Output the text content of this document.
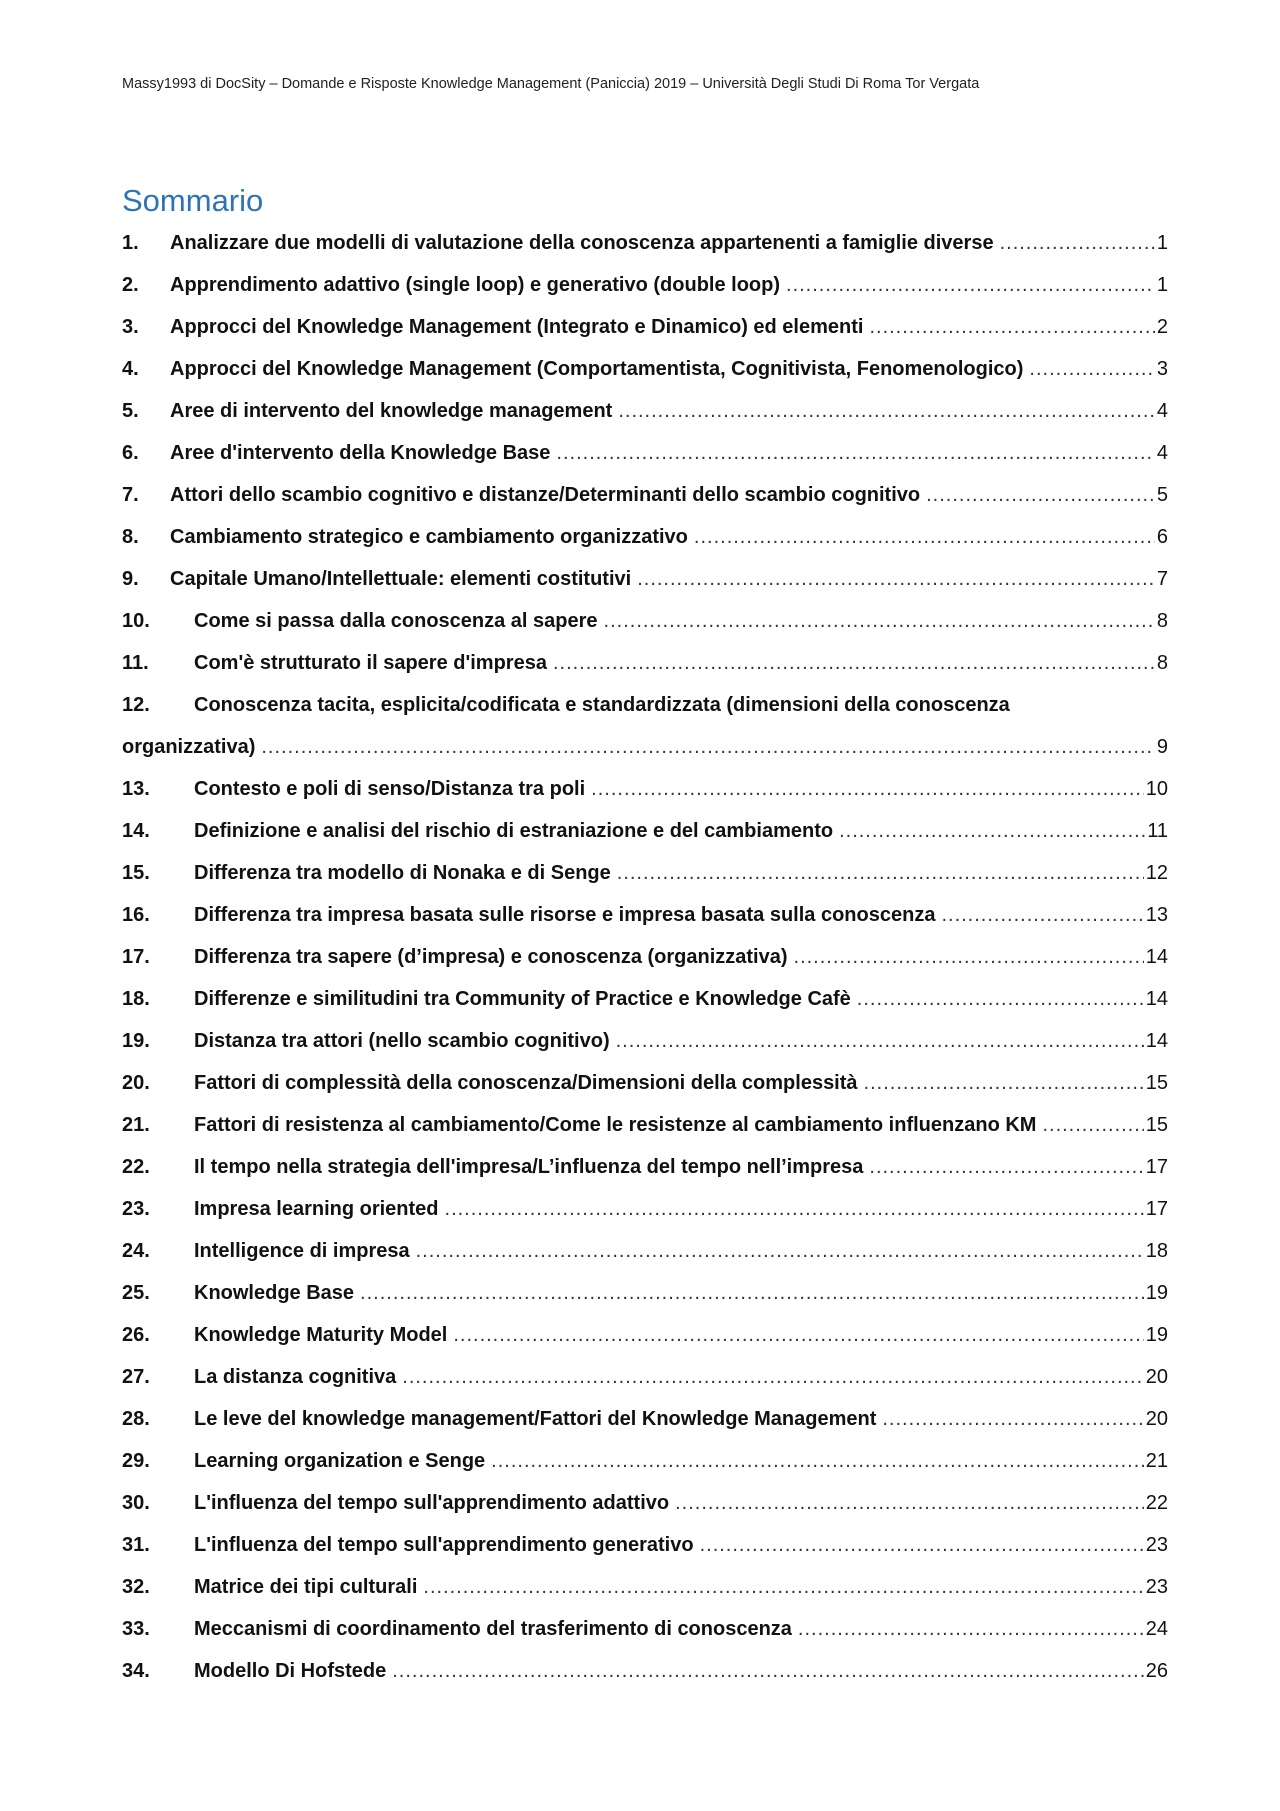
Massy1993 di DocSity – Domande e Risposte Knowledge Management (Paniccia) 2019 – Università Degli Studi Di Roma Tor Vergata
Sommario
1.	Analizzare due modelli di valutazione della conoscenza appartenenti a famiglie diverse .....	1
2.	Apprendimento adattivo (single loop) e generativo (double loop) .....	1
3.	Approcci del Knowledge Management (Integrato e Dinamico) ed elementi .....	2
4.	Approcci del Knowledge Management (Comportamentista, Cognitivista, Fenomenologico) .....	3
5.	Aree di intervento del knowledge management .....	4
6.	Aree d'intervento della Knowledge Base .....	4
7.	Attori dello scambio cognitivo e distanze/Determinanti dello scambio cognitivo .....	5
8.	Cambiamento strategico e cambiamento organizzativo .....	6
9.	Capitale Umano/Intellettuale: elementi costitutivi .....	7
10.	Come si passa dalla conoscenza al sapere .....	8
11.	Com'è strutturato il sapere d'impresa .....	8
12.	Conoscenza tacita, esplicita/codificata e standardizzata (dimensioni della conoscenza
organizzativa) .....	9
13.	Contesto e poli di senso/Distanza tra poli .....	10
14.	Definizione e analisi del rischio di estraniazione e del cambiamento .....	11
15.	Differenza tra modello di Nonaka e di Senge .....	12
16.	Differenza tra impresa basata sulle risorse e impresa basata sulla conoscenza .....	13
17.	Differenza tra sapere (d’impresa) e conoscenza (organizzativa) .....	14
18.	Differenze e similitudini tra Community of Practice e Knowledge Cafè .....	14
19.	Distanza tra attori (nello scambio cognitivo) .....	14
20.	Fattori di complessità della conoscenza/Dimensioni della complessità .....	15
21.	Fattori di resistenza al cambiamento/Come le resistenze al cambiamento influenzano KM .....	15
22.	Il tempo nella strategia dell'impresa/L’influenza del tempo nell’impresa .....	17
23.	Impresa learning oriented .....	17
24.	Intelligence di impresa .....	18
25.	Knowledge Base .....	19
26.	Knowledge Maturity Model .....	19
27.	La distanza cognitiva .....	20
28.	Le leve del knowledge management/Fattori del Knowledge Management .....	20
29.	Learning organization e Senge .....	21
30.	L'influenza del tempo sull'apprendimento adattivo .....	22
31.	L'influenza del tempo sull'apprendimento generativo .....	23
32.	Matrice dei tipi culturali .....	23
33.	Meccanismi di coordinamento del trasferimento di conoscenza .....	24
34.	Modello Di Hofstede .....	26
